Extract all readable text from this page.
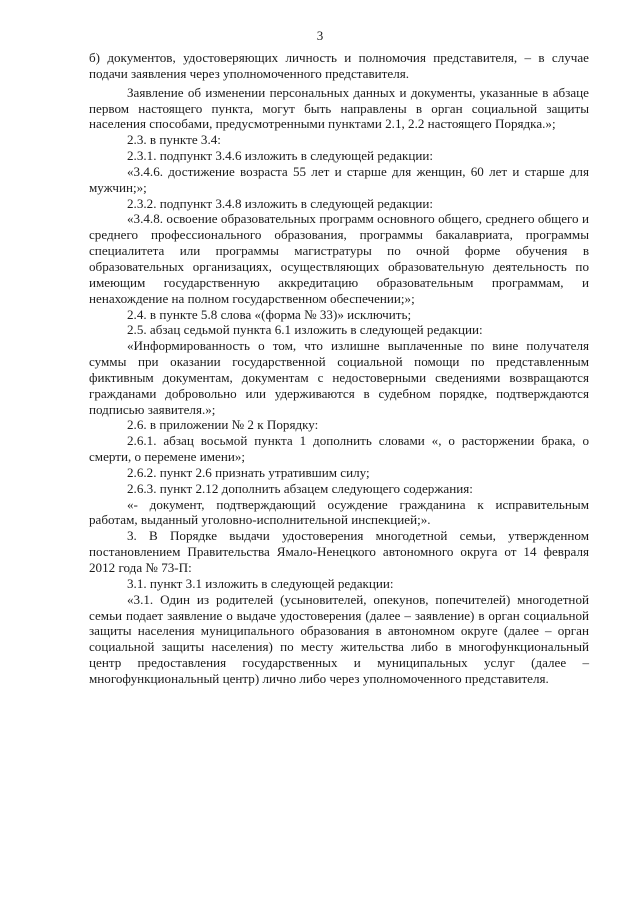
3

б) документов, удостоверяющих личность и полномочия представителя, – в случае подачи заявления через уполномоченного представителя.

Заявление об изменении персональных данных и документы, указанные в абзаце первом настоящего пункта, могут быть направлены в орган социальной защиты населения способами, предусмотренными пунктами 2.1, 2.2 настоящего Порядка.»;

2.3. в пункте 3.4:

2.3.1. подпункт 3.4.6 изложить в следующей редакции:

«3.4.6. достижение возраста 55 лет и старше для женщин, 60 лет и старше для мужчин;»;

2.3.2. подпункт 3.4.8 изложить в следующей редакции:

«3.4.8. освоение образовательных программ основного общего, среднего общего и среднего профессионального образования, программы бакалавриата, программы специалитета или программы магистратуры по очной форме обучения в образовательных организациях, осуществляющих образовательную деятельность по имеющим государственную аккредитацию образовательным программам, и ненахождение на полном государственном обеспечении;»;

2.4. в пункте 5.8 слова «(форма № 33)» исключить;

2.5. абзац седьмой пункта 6.1 изложить в следующей редакции:

«Информированность о том, что излишне выплаченные по вине получателя суммы при оказании государственной социальной помощи по представленным фиктивным документам, документам с недостоверными сведениями возвращаются гражданами добровольно или удерживаются в судебном порядке, подтверждаются подписью заявителя.»;

2.6. в приложении № 2 к Порядку:

2.6.1. абзац восьмой пункта 1 дополнить словами «, о расторжении брака, о смерти, о перемене имени»;

2.6.2. пункт 2.6 признать утратившим силу;

2.6.3. пункт 2.12 дополнить абзацем следующего содержания:

«- документ, подтверждающий осуждение гражданина к исправительным работам, выданный уголовно-исполнительной инспекцией;».

3. В Порядке выдачи удостоверения многодетной семьи, утвержденном постановлением Правительства Ямало-Ненецкого автономного округа от 14 февраля 2012 года № 73-П:

3.1. пункт 3.1 изложить в следующей редакции:

«3.1. Один из родителей (усыновителей, опекунов, попечителей) многодетной семьи подает заявление о выдаче удостоверения (далее – заявление) в орган социальной защиты населения муниципального образования в автономном округе (далее – орган социальной защиты населения) по месту жительства либо в многофункциональный центр предоставления государственных и муниципальных услуг (далее – многофункциональный центр) лично либо через уполномоченного представителя.
